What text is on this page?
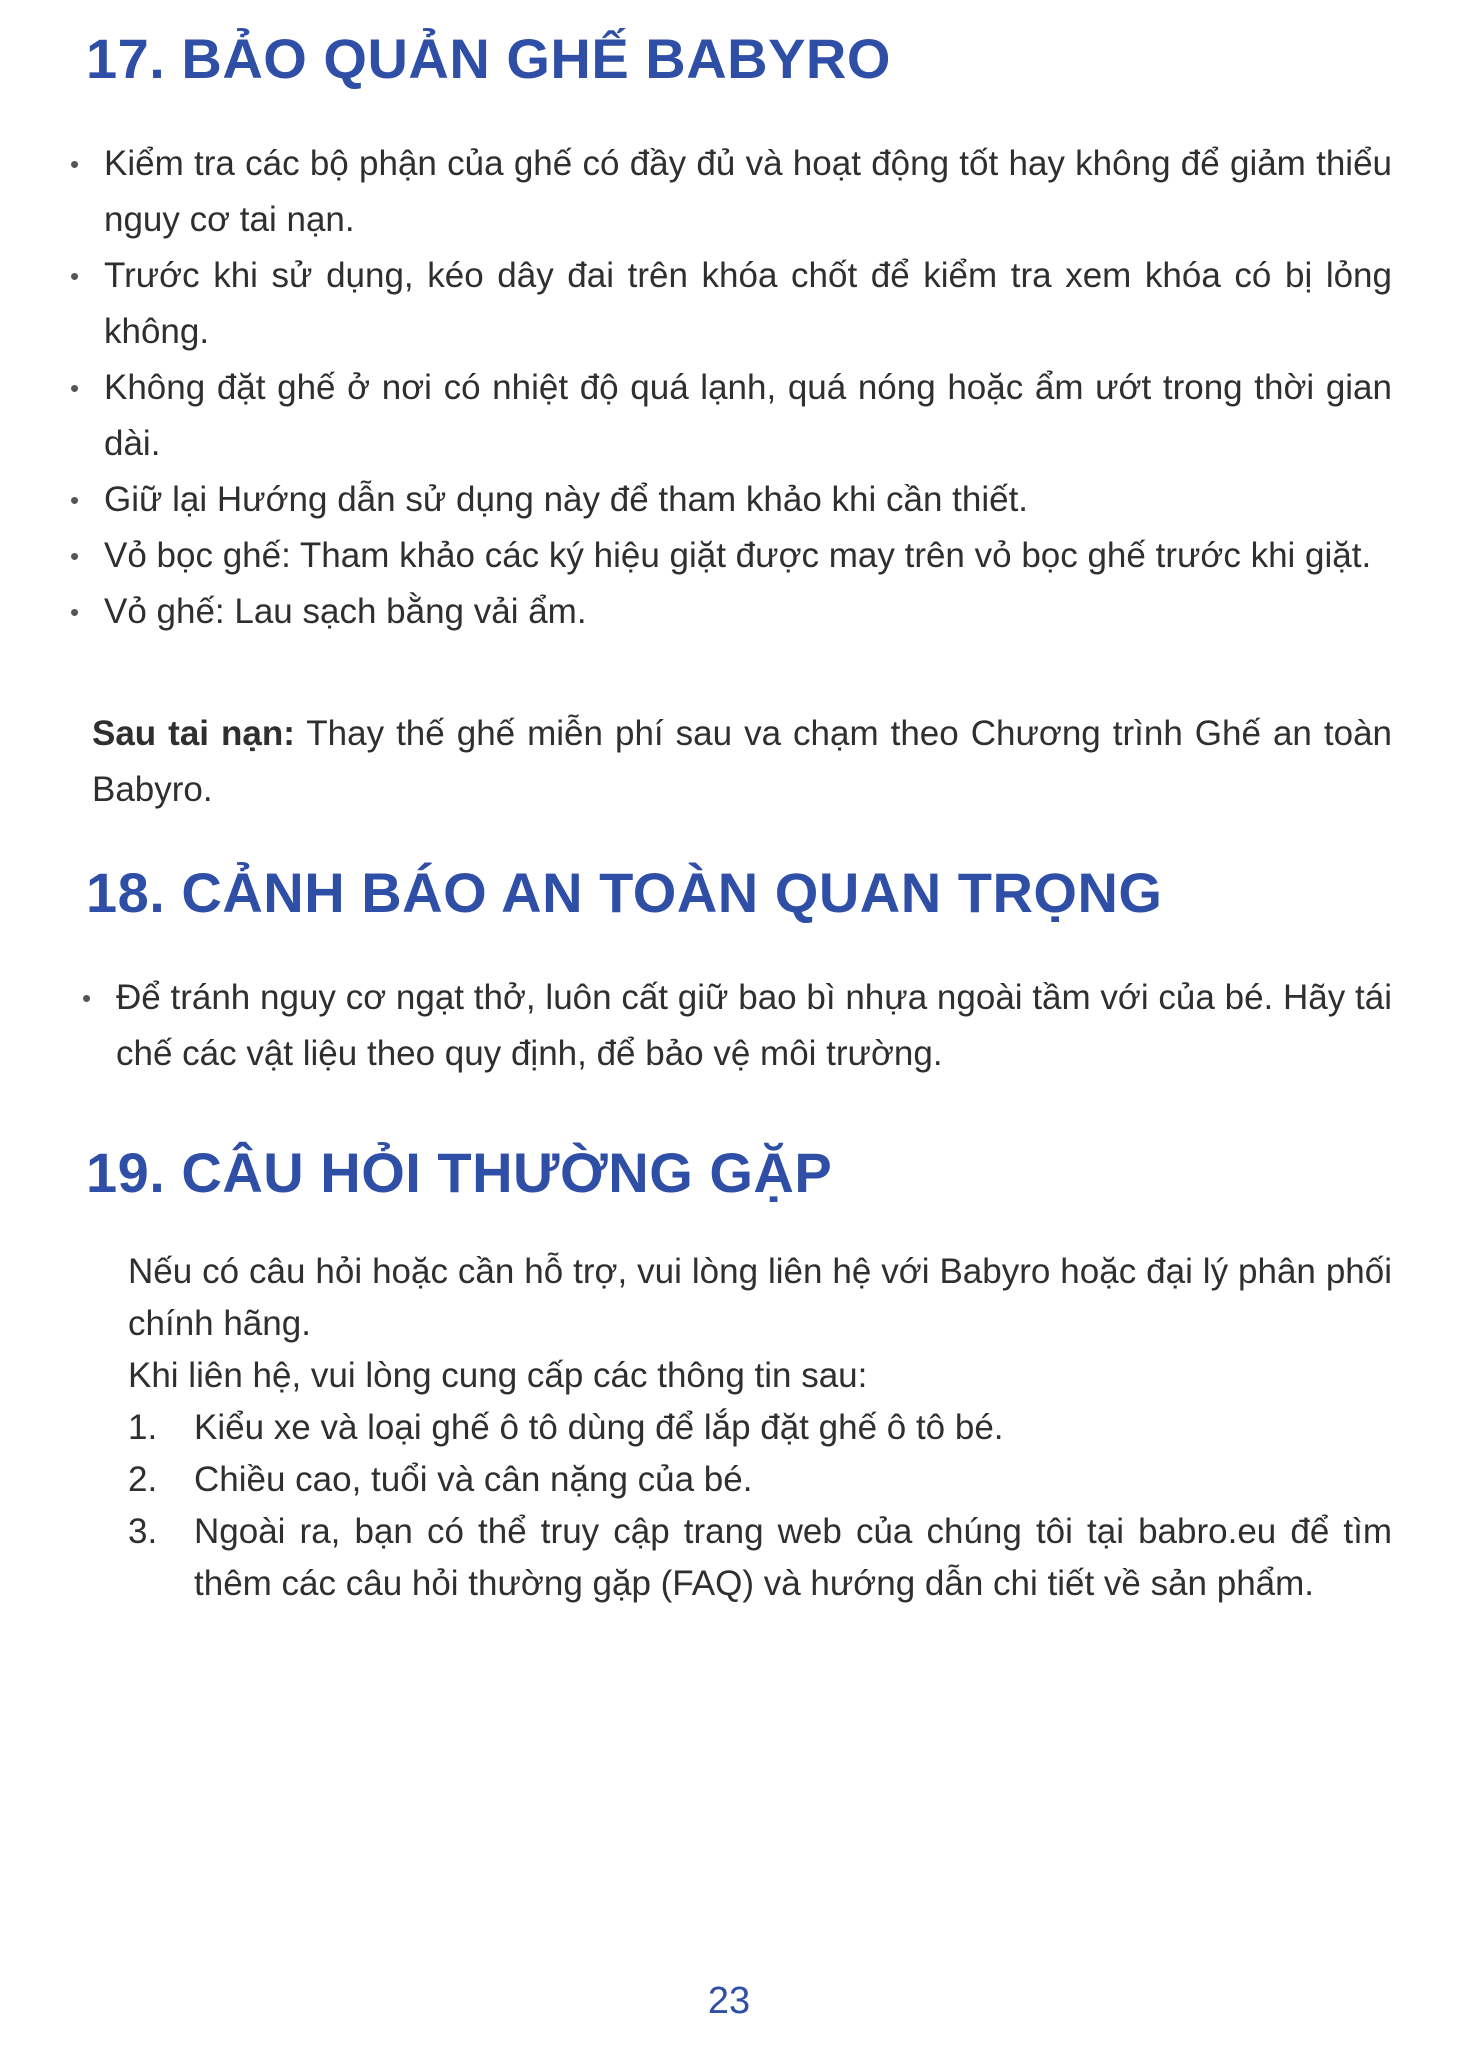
17. BẢO QUẢN GHẾ BABYRO
• Kiểm tra các bộ phận của ghế có đầy đủ và hoạt động tốt hay không để giảm thiểu nguy cơ tai nạn.
• Trước khi sử dụng, kéo dây đai trên khóa chốt để kiểm tra xem khóa có bị lỏng không.
• Không đặt ghế ở nơi có nhiệt độ quá lạnh, quá nóng hoặc ẩm ướt trong thời gian dài.
• Giữ lại Hướng dẫn sử dụng này để tham khảo khi cần thiết.
• Vỏ bọc ghế: Tham khảo các ký hiệu giặt được may trên vỏ bọc ghế trước khi giặt.
• Vỏ ghế: Lau sạch bằng vải ẩm.

Sau tai nạn: Thay thế ghế miễn phí sau va chạm theo Chương trình Ghế an toàn Babyro.

18. CẢNH BÁO AN TOÀN QUAN TRỌNG
• Để tránh nguy cơ ngạt thở, luôn cất giữ bao bì nhựa ngoài tầm với của bé. Hãy tái chế các vật liệu theo quy định, để bảo vệ môi trường.
19. CÂU HỎI THƯỜNG GẶP

Nếu có câu hỏi hoặc cần hỗ trợ, vui lòng liên hệ với Babyro hoặc đại lý phân phối chính hãng.

Khi liên hệ, vui lòng cung cấp các thông tin sau:

1. Kiểu xe và loại ghế ô tô dùng để lắp đặt ghế ô tô bé.
2. Chiều cao, tuổi và cân nặng của bé.
3. Ngoài ra, bạn có thể truy cập trang web của chúng tôi tại babro.eu để tìm thêm các câu hỏi thường gặp (FAQ) và hướng dẫn chi tiết về sản phẩm.
23
